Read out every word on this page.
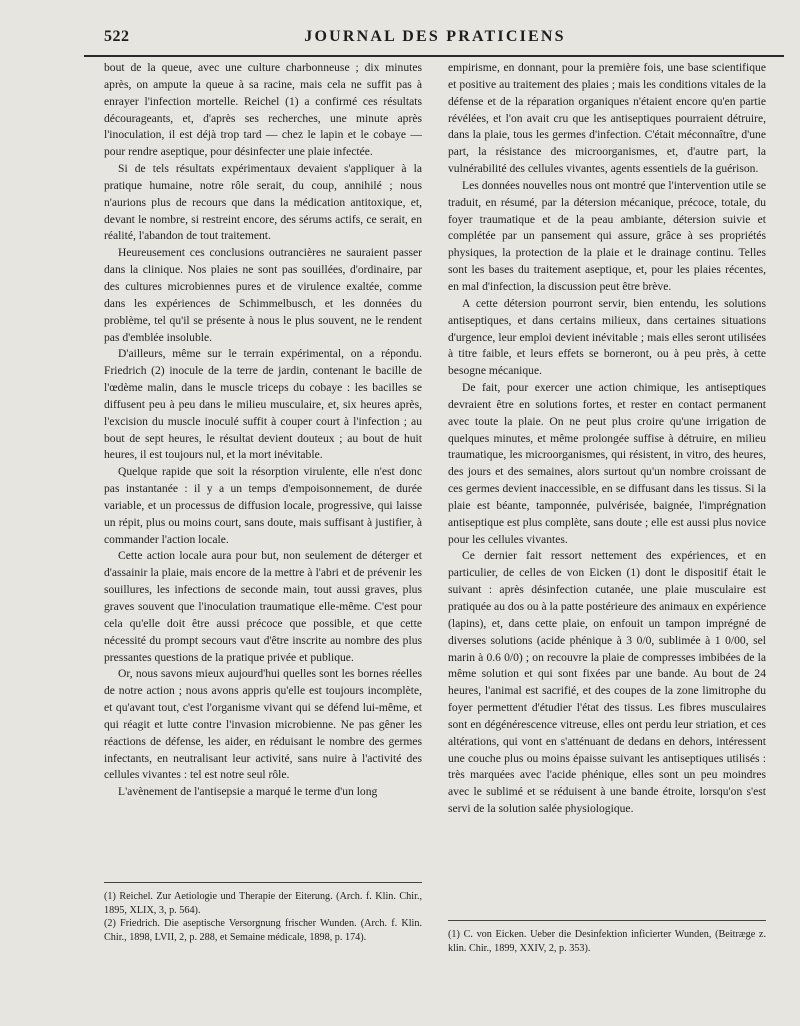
522	JOURNAL DES PRATICIENS

bout de la queue, avec une culture charbonneuse ; dix minutes après, on ampute la queue à sa racine, mais cela ne suffit pas à enrayer l'infection mortelle. Reichel (1) a confirmé ces résultats décourageants, et, d'après ses recherches, une minute après l'inoculation, il est déjà trop tard — chez le lapin et le cobaye — pour rendre aseptique, pour désinfecter une plaie infectée.

Si de tels résultats expérimentaux devaient s'appliquer à la pratique humaine, notre rôle serait, du coup, annihilé ; nous n'aurions plus de recours que dans la médication antitoxique, et, devant le nombre, si restreint encore, des sérums actifs, ce serait, en réalité, l'abandon de tout traitement.

Heureusement ces conclusions outrancières ne sauraient passer dans la clinique. Nos plaies ne sont pas souillées, d'ordinaire, par des cultures microbiennes pures et de virulence exaltée, comme dans les expériences de Schimmelbusch, et les données du problème, tel qu'il se présente à nous le plus souvent, ne le rendent pas d'emblée insoluble.

D'ailleurs, même sur le terrain expérimental, on a répondu. Friedrich (2) inocule de la terre de jardin, contenant le bacille de l'œdème malin, dans le muscle triceps du cobaye : les bacilles se diffusent peu à peu dans le milieu musculaire, et, six heures après, l'excision du muscle inoculé suffit à couper court à l'infection ; au bout de sept heures, le résultat devient douteux ; au bout de huit heures, il est toujours nul, et la mort inévitable.

Quelque rapide que soit la résorption virulente, elle n'est donc pas instantanée : il y a un temps d'empoisonnement, de durée variable, et un processus de diffusion locale, progressive, qui laisse un répit, plus ou moins court, sans doute, mais suffisant à justifier, à commander l'action locale.

Cette action locale aura pour but, non seulement de déterger et d'assainir la plaie, mais encore de la mettre à l'abri et de prévenir les souillures, les infections de seconde main, tout aussi graves, plus graves souvent que l'inoculation traumatique elle-même. C'est pour cela qu'elle doit être aussi précoce que possible, et que cette nécessité du prompt secours vaut d'être inscrite au nombre des plus pressantes questions de la pratique privée et publique.

Or, nous savons mieux aujourd'hui quelles sont les bornes réelles de notre action ; nous avons appris qu'elle est toujours incomplète, et qu'avant tout, c'est l'organisme vivant qui se défend lui-même, et qui réagit et lutte contre l'invasion microbienne. Ne pas gêner les réactions de défense, les aider, en réduisant le nombre des germes infectants, en neutralisant leur activité, sans nuire à l'activité des cellules vivantes : tel est notre seul rôle.

L'avènement de l'antisepsie a marqué le terme d'un long

empirisme, en donnant, pour la première fois, une base scientifique et positive au traitement des plaies ; mais les conditions vitales de la défense et de la réparation organiques n'étaient encore qu'en partie révélées, et l'on avait cru que les antiseptiques pourraient détruire, dans la plaie, tous les germes d'infection. C'était méconnaître, d'une part, la résistance des microorganismes, et, d'autre part, la vulnérabilité des cellules vivantes, agents essentiels de la guérison.

Les données nouvelles nous ont montré que l'intervention utile se traduit, en résumé, par la détersion mécanique, précoce, totale, du foyer traumatique et de la peau ambiante, détersion suivie et complétée par un pansement qui assure, grâce à ses propriétés physiques, la protection de la plaie et le drainage continu. Telles sont les bases du traitement aseptique, et, pour les plaies récentes, en mal d'infection, la discussion peut être brève.

A cette détersion pourront servir, bien entendu, les solutions antiseptiques, et dans certains milieux, dans certaines situations d'urgence, leur emploi devient inévitable ; mais elles seront utilisées à titre faible, et leurs effets se borneront, ou à peu près, à cette besogne mécanique.

De fait, pour exercer une action chimique, les antiseptiques devraient être en solutions fortes, et rester en contact permanent avec toute la plaie. On ne peut plus croire qu'une irrigation de quelques minutes, et même prolongée suffise à détruire, en milieu traumatique, les microorganismes, qui résistent, in vitro, des heures, des jours et des semaines, alors surtout qu'un nombre croissant de ces germes devient inaccessible, en se diffusant dans les tissus. Si la plaie est béante, tamponnée, pulvérisée, baignée, l'imprégnation antiseptique est plus complète, sans doute ; elle est aussi plus novice pour les cellules vivantes.

Ce dernier fait ressort nettement des expériences, et en particulier, de celles de von Eicken (1) dont le dispositif était le suivant : après désinfection cutanée, une plaie musculaire est pratiquée au dos ou à la patte postérieure des animaux en expérience (lapins), et, dans cette plaie, on enfouit un tampon imprégné de diverses solutions (acide phénique à 3 0/0, sublimée à 1 0/00, sel marin à 0.6 0/0) ; on recouvre la plaie de compresses imbibées de la même solution et qui sont fixées par une bande. Au bout de 24 heures, l'animal est sacrifié, et des coupes de la zone limitrophe du foyer permettent d'étudier l'état des tissus. Les fibres musculaires sont en dégénérescence vitreuse, elles ont perdu leur striation, et ces altérations, qui vont en s'atténuant de dedans en dehors, intéressent une couche plus ou moins épaisse suivant les antiseptiques utilisés : très marquées avec l'acide phénique, elles sont un peu moindres avec le sublimé et se réduisent à une bande étroite, lorsqu'on s'est servi de la solution salée physiologique.

(1) Reichel. Zur Aetiologie und Therapie der Eiterung. (Arch. f. Klin. Chir., 1895, XLIX, 3, p. 564).

(2) Friedrich. Die aseptische Versorgnung frischer Wunden. (Arch. f. Klin. Chir., 1898, LVII, 2, p. 288, et Semaine médicale, 1898, p. 174).	(1) C. von Eicken. Ueber die Desinfektion inficierter Wunden, (Beitræge z. klin. Chir., 1899, XXIV, 2, p. 353).
